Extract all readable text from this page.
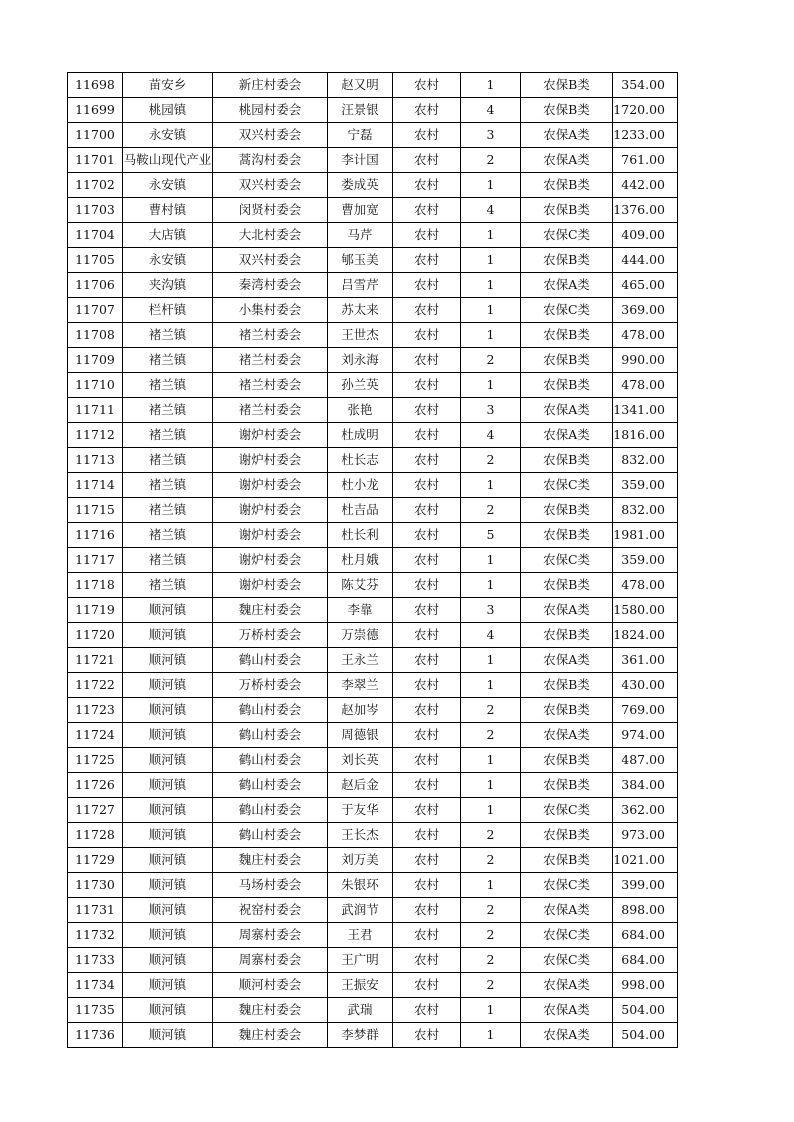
11698	苗安乡	新庄村委会	赵又明	农村	1	农保B类	354.00
11699	桃园镇	桃园村委会	汪景银	农村	4	农保B类	1720.00
11700	永安镇	双兴村委会	宁磊	农村	3	农保A类	1233.00
11701	马鞍山现代产业	蒿沟村委会	李计国	农村	2	农保A类	761.00
11702	永安镇	双兴村委会	娄成英	农村	1	农保B类	442.00
11703	曹村镇	闵贤村委会	曹加宽	农村	4	农保B类	1376.00
11704	大店镇	大北村委会	马芹	农村	1	农保C类	409.00
11705	永安镇	双兴村委会	郇玉美	农村	1	农保B类	444.00
11706	夹沟镇	秦湾村委会	吕雪芹	农村	1	农保A类	465.00
11707	栏杆镇	小集村委会	苏太来	农村	1	农保C类	369.00
11708	褚兰镇	褚兰村委会	王世杰	农村	1	农保B类	478.00
11709	褚兰镇	褚兰村委会	刘永海	农村	2	农保B类	990.00
11710	褚兰镇	褚兰村委会	孙兰英	农村	1	农保B类	478.00
11711	褚兰镇	褚兰村委会	张艳	农村	3	农保A类	1341.00
11712	褚兰镇	谢炉村委会	杜成明	农村	4	农保A类	1816.00
11713	褚兰镇	谢炉村委会	杜长志	农村	2	农保B类	832.00
11714	褚兰镇	谢炉村委会	杜小龙	农村	1	农保C类	359.00
11715	褚兰镇	谢炉村委会	杜吉品	农村	2	农保B类	832.00
11716	褚兰镇	谢炉村委会	杜长利	农村	5	农保B类	1981.00
11717	褚兰镇	谢炉村委会	杜月娥	农村	1	农保C类	359.00
11718	褚兰镇	谢炉村委会	陈艾芬	农村	1	农保B类	478.00
11719	顺河镇	魏庄村委会	李靠	农村	3	农保A类	1580.00
11720	顺河镇	万桥村委会	万崇德	农村	4	农保B类	1824.00
11721	顺河镇	鹤山村委会	王永兰	农村	1	农保A类	361.00
11722	顺河镇	万桥村委会	李翠兰	农村	1	农保B类	430.00
11723	顺河镇	鹤山村委会	赵加岑	农村	2	农保B类	769.00
11724	顺河镇	鹤山村委会	周德银	农村	2	农保A类	974.00
11725	顺河镇	鹤山村委会	刘长英	农村	1	农保B类	487.00
11726	顺河镇	鹤山村委会	赵后金	农村	1	农保B类	384.00
11727	顺河镇	鹤山村委会	于友华	农村	1	农保C类	362.00
11728	顺河镇	鹤山村委会	王长杰	农村	2	农保B类	973.00
11729	顺河镇	魏庄村委会	刘万美	农村	2	农保B类	1021.00
11730	顺河镇	马场村委会	朱银环	农村	1	农保C类	399.00
11731	顺河镇	祝窑村委会	武润节	农村	2	农保A类	898.00
11732	顺河镇	周寨村委会	王君	农村	2	农保C类	684.00
11733	顺河镇	周寨村委会	王广明	农村	2	农保C类	684.00
11734	顺河镇	顺河村委会	王振安	农村	2	农保A类	998.00
11735	顺河镇	魏庄村委会	武瑞	农村	1	农保A类	504.00
11736	顺河镇	魏庄村委会	李梦群	农村	1	农保A类	504.00
